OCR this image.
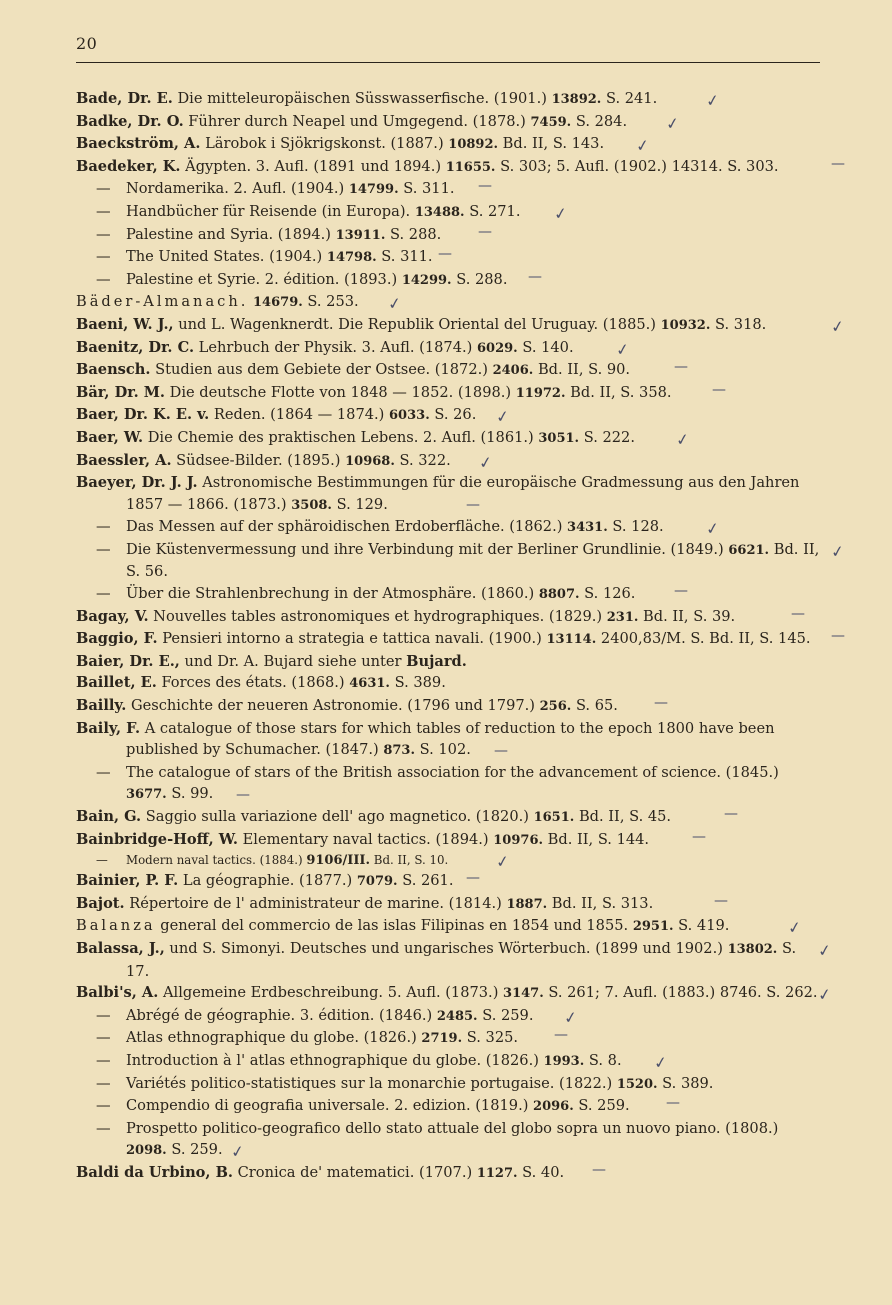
20
Bade, Dr. E. Die mitteleuropäischen Süsswasserfische. (1901.) 13892. S. 241.	✓
Badke, Dr. O. Führer durch Neapel und Umgegend. (1878.) 7459. S. 284. ✓
Baeckström, A. Lärobok i Sjökrigskonst. (1887.) 10892. Bd. II, S. 143. ✓
Baedeker, K. Ägypten. 3. Aufl. (1891 und 1894.) 11655. S. 303; 5. Aufl. (1902.) 14314. S. 303.	—
— Nordamerika. 2. Aufl. (1904.) 14799. S. 311. —
— Handbücher für Reisende (in Europa). 13488. S. 271. ✓
— Palestine and Syria. (1894.) 13911. S. 288.	—
— The United States. (1904.) 14798. S. 311. —
— Palestine et Syrie. 2. édition. (1893.) 14299. S. 288. —
Bäder-Almanach. 14679. S. 253. ✓
Baeni, W. J., und L. Wagenknerdt. Die Republik Oriental del Uruguay. (1885.) 10932. S. 318.	✓
Baenitz, Dr. C. Lehrbuch der Physik. 3. Aufl. (1874.) 6029. S. 140.	✓
Baensch. Studien aus dem Gebiete der Ostsee. (1872.) 2406. Bd. II, S. 90.	—
Bär, Dr. M. Die deutsche Flotte von 1848 — 1852. (1898.) 11972. Bd. II, S. 358.	—
Baer, Dr. K. E. v. Reden. (1864 — 1874.) 6033. S. 26. ✓
Baer, W. Die Chemie des praktischen Lebens. 2. Aufl. (1861.) 3051. S. 222. ✓
Baessler, A. Südsee-Bilder. (1895.) 10968. S. 322. ✓
Baeyer, Dr. J. J. Astronomische Bestimmungen für die europäische Gradmessung aus den Jahren 1857 — 1866. (1873.) 3508. S. 129.	—
— Das Messen auf der sphäroidischen Erdoberfläche. (1862.) 3431. S. 128.	✓
— Die Küstenvermessung und ihre Verbindung mit der Berliner Grundlinie. (1849.) 6621. Bd. II, S. 56.
✓
— Über die Strahlenbrechung in der Atmosphäre. (1860.) 8807. S. 126.	—
Bagay, V. Nouvelles tables astronomiques et hydrographiques. (1829.) 231. Bd. II, S. 39.	—
Baggio, F. Pensieri intorno a strategia e tattica navali. (1900.) 13114. 2400,83/M. S. Bd. II, S. 145. —
Baier, Dr. E., und Dr. A. Bujard siehe unter Bujard.
Baillet, E. Forces des états. (1868.) 4631. S. 389.
Bailly. Geschichte der neueren Astronomie. (1796 und 1797.) 256. S. 65.	—
Baily, F. A catalogue of those stars for which tables of reduction to the epoch 1800 have been published by Schumacher. (1847.) 873. S. 102. —
— The catalogue of stars of the British association for the advancement of science. (1845.) 3677. S. 99. —
Bain, G. Saggio sulla variazione dell' ago magnetico. (1820.) 1651. Bd. II, S. 45.	—
Bainbridge-Hoff, W. Elementary naval tactics. (1894.) 10976. Bd. II, S. 144.	—
— Modern naval tactics. (1884.) 9106/III. Bd. II, S. 10.	✓
Bainier, P. F. La géographie. (1877.) 7079. S. 261. —
Bajot. Répertoire de l' administrateur de marine. (1814.) 1887. Bd. II, S. 313.	—
Balanza general del commercio de las islas Filipinas en 1854 und 1855. 2951. S. 419.	✓
Balassa, J., und S. Simonyi. Deutsches und ungarisches Wörterbuch. (1899 und 1902.) 13802. S. 17.
✓
Balbi's, A. Allgemeine Erdbeschreibung. 5. Aufl. (1873.) 3147. S. 261; 7. Aufl. (1883.) 8746. S. 262. ✓
— Abrégé de géographie. 3. édition. (1846.) 2485. S. 259. ✓
— Atlas ethnographique du globe. (1826.) 2719. S. 325.	—
— Introduction à l' atlas ethnographique du globe. (1826.) 1993. S. 8. ✓
— Variétés politico-statistiques sur la monarchie portugaise. (1822.) 1520. S. 389.
— Compendio di geografia universale. 2. edizion. (1819.) 2096. S. 259.	—
— Prospetto politico-geografico dello stato attuale del globo sopra un nuovo piano. (1808.) 2098. S. 259. ✓
Baldi da Urbino, B. Cronica de' matematici. (1707.) 1127. S. 40. —
